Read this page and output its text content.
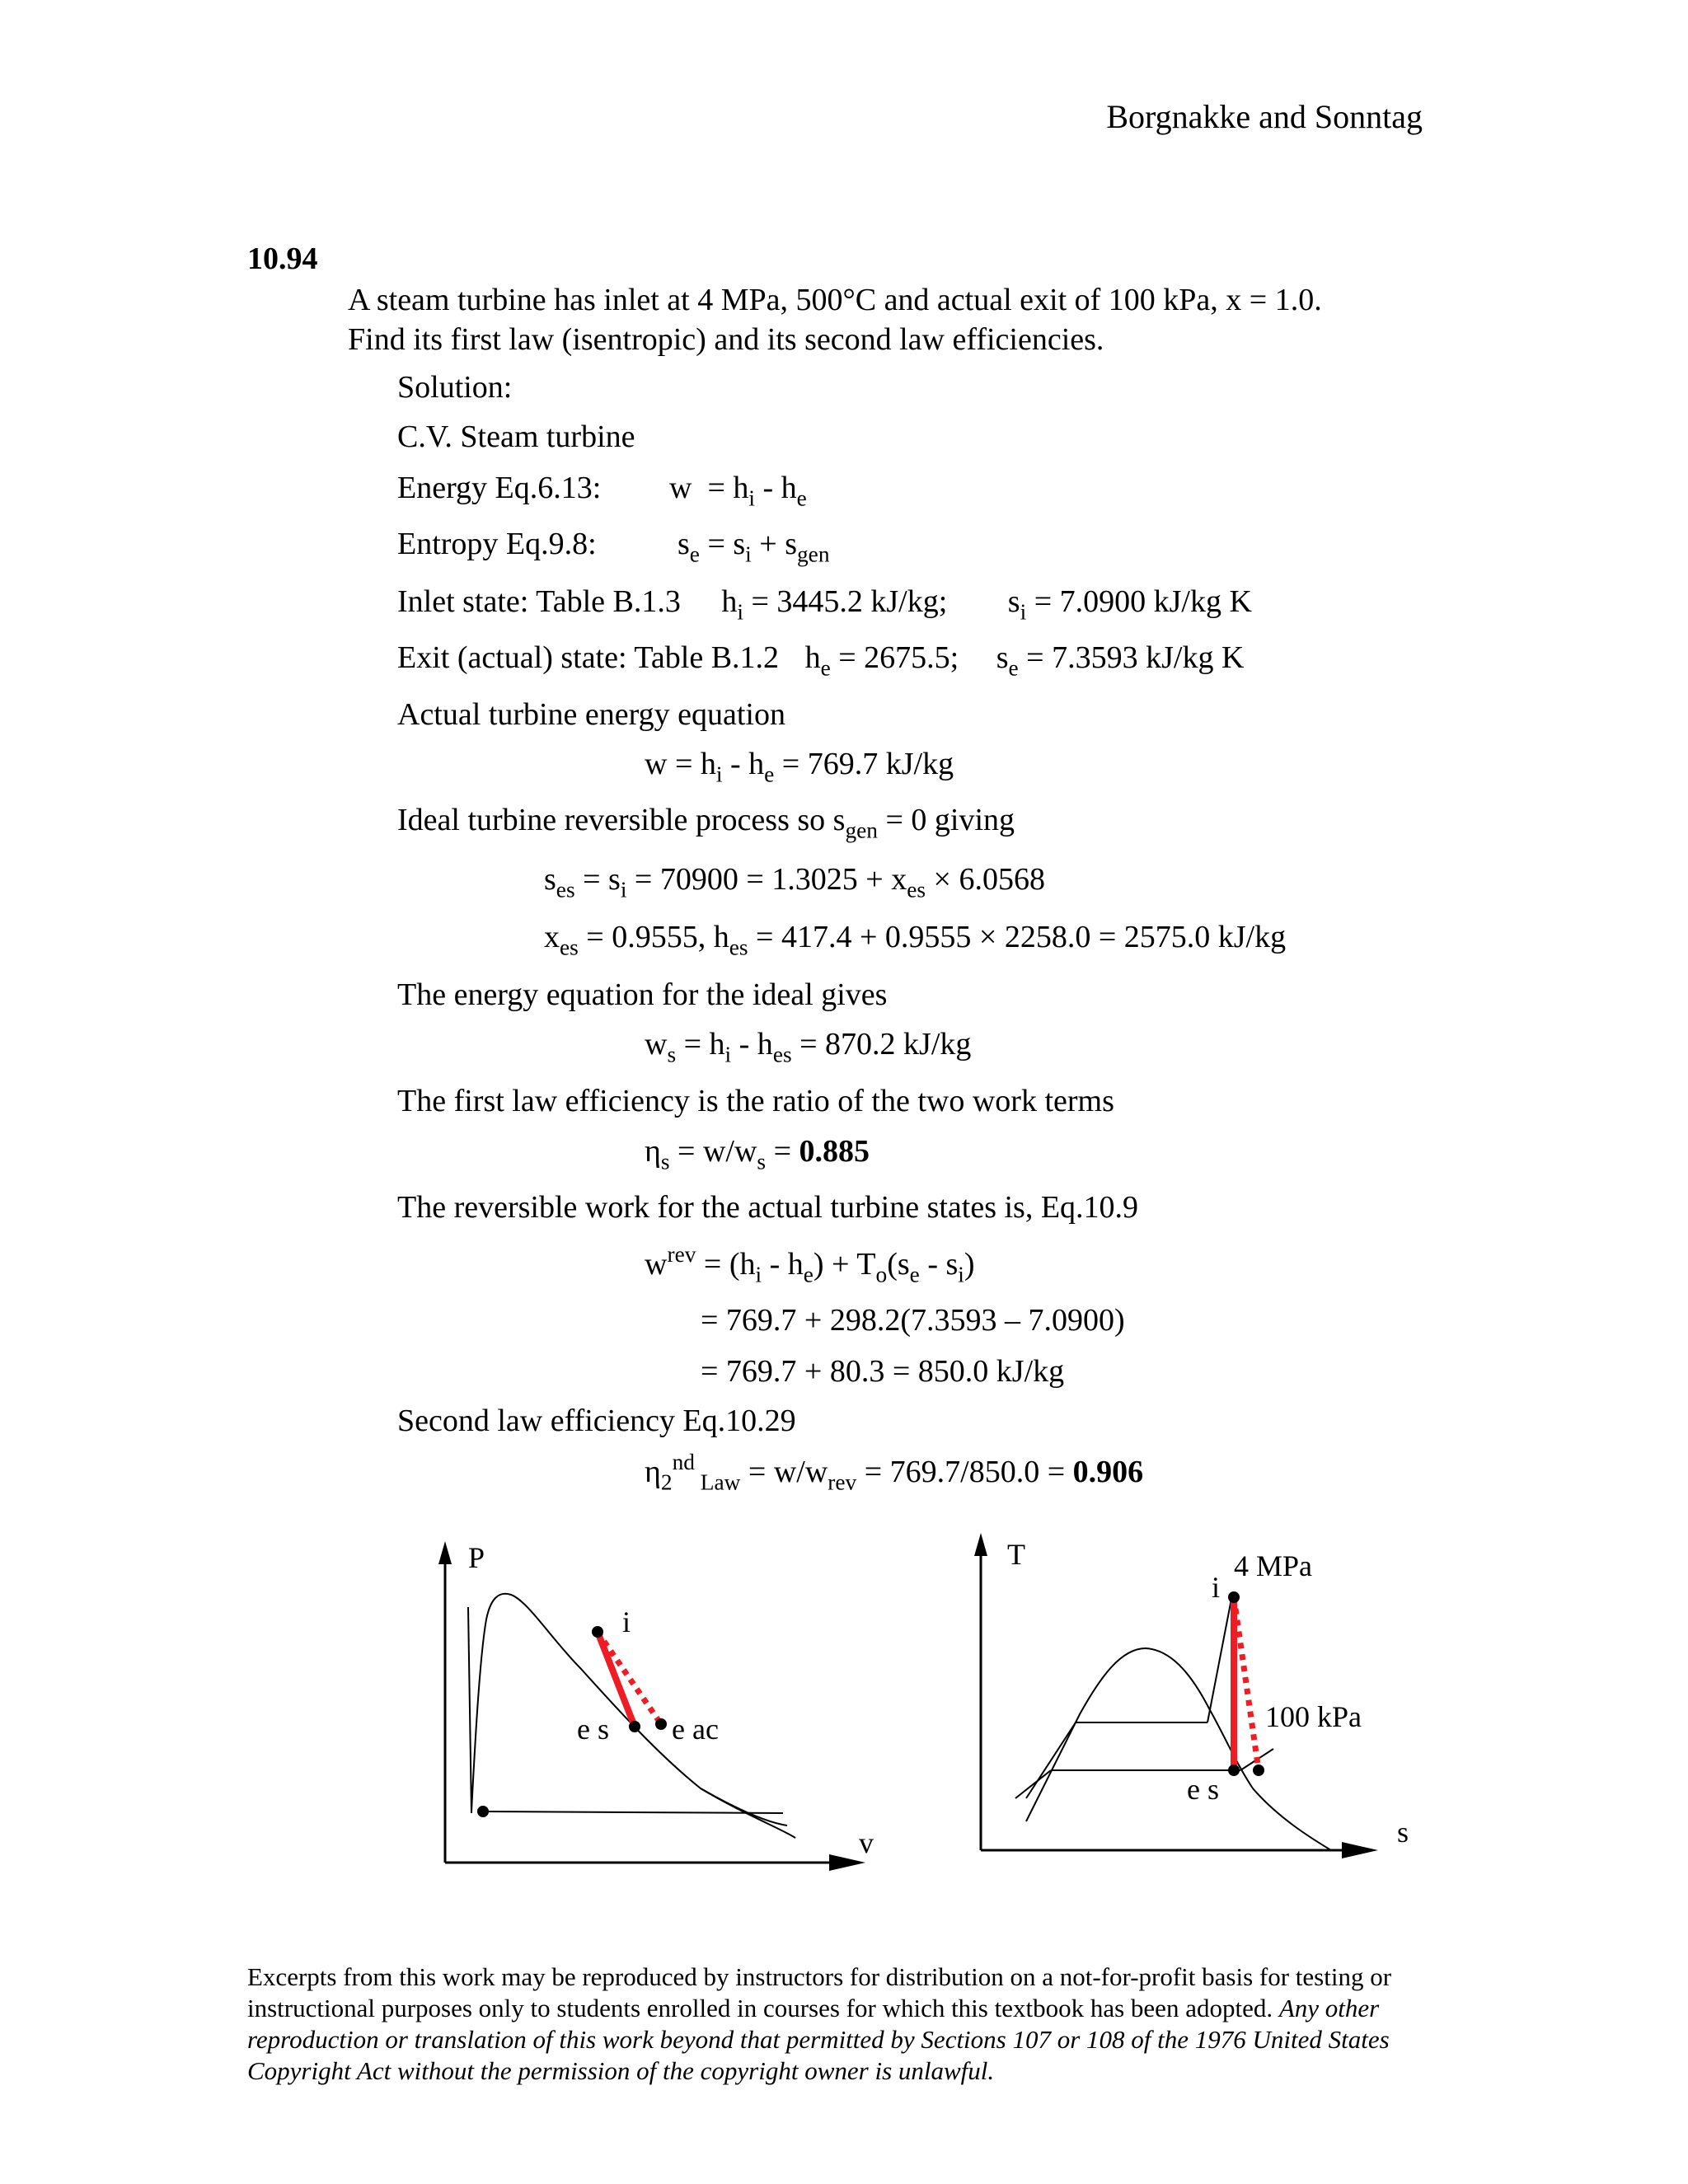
Borgnakke and Sonntag
10.94
A steam turbine has inlet at 4 MPa, 500°C and actual exit of 100 kPa, x = 1.0.
Find its first law (isentropic) and its second law efficiencies.
Solution:
C.V. Steam turbine
Energy Eq.6.13: $w = h_i - h_e$
Entropy Eq.9.8:	$s_e = s_i + s_{gen}$
Inlet state: Table B.1.3 $h_i = 3445.2$ kJ/kg; $s_i = 7.0900$ kJ/kg K
Exit (actual) state: Table B.1.2 $h_e = 2675.5$; $s_e = 7.3593$ kJ/kg K
Actual turbine energy equation
$w = h_i - h_e = 769.7$ kJ/kg
Ideal turbine reversible process so $s_{gen} = 0$ giving
$s_{es} = s_i = 70900 = 1.3025 + x_{es} \times 6.0568$
$x_{es} = 0.9555$, $h_{es} = 417.4 + 0.9555 \times 2258.0 = 2575.0$ kJ/kg
The energy equation for the ideal gives
$w_s = h_i - h_{es} = 870.2$ kJ/kg
The first law efficiency is the ratio of the two work terms
$\eta_s = w/w_s = 0.885$
The reversible work for the actual turbine states is, Eq.10.9
$w^{rev} = (h_i - h_e) + T_o(s_e - s_i)$
= 769.7 + 298.2(7.3593 – 7.0900)
= 769.7 + 80.3 = 850.0 kJ/kg
Second law efficiency Eq.10.29
$\eta_2^{nd}$ $_{Law} = w/w_{rev} = 769.7/850.0 = 0.906$
P
i
e s e ac
v
T
i
4 MPa
100 kPa
e s
s
Excerpts from this work may be reproduced by instructors for distribution on a not-for-profit basis for testing or instructional purposes only to students enrolled in courses for which this textbook has been adopted. Any other reproduction or translation of this work beyond that permitted by Sections 107 or 108 of the 1976 United States Copyright Act without the permission of the copyright owner is unlawful.
